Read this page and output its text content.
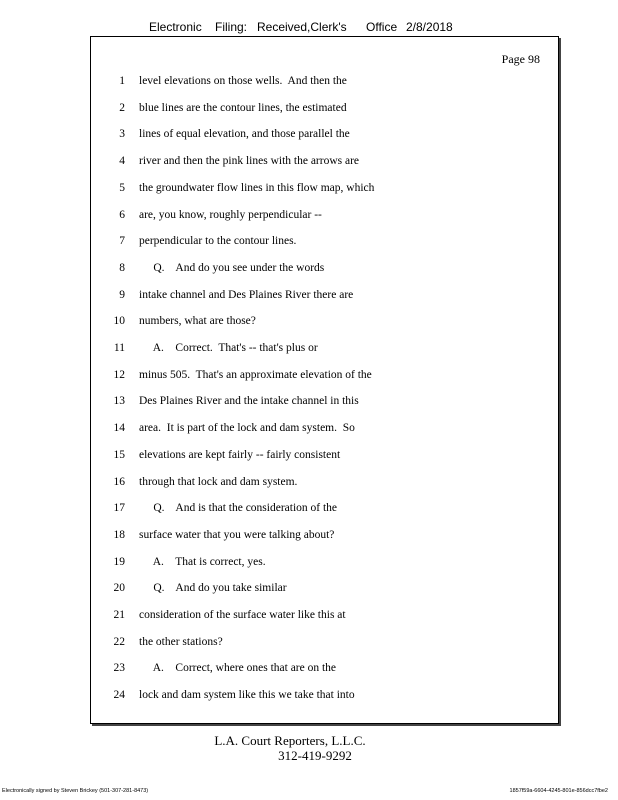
Electronic Filing: Received,Clerk's Office 2/8/2018
Page 98
1 level elevations on those wells.  And then the
2 blue lines are the contour lines, the estimated
3 lines of equal elevation, and those parallel the
4 river and then the pink lines with the arrows are
5 the groundwater flow lines in this flow map, which
6 are, you know, roughly perpendicular --
7 perpendicular to the contour lines.
8 Q.    And do you see under the words
9 intake channel and Des Plaines River there are
10 numbers, what are those?
11 A.    Correct.  That's -- that's plus or
12 minus 505.  That's an approximate elevation of the
13 Des Plaines River and the intake channel in this
14 area.  It is part of the lock and dam system.  So
15 elevations are kept fairly -- fairly consistent
16 through that lock and dam system.
17 Q.    And is that the consideration of the
18 surface water that you were talking about?
19 A.    That is correct, yes.
20 Q.    And do you take similar
21 consideration of the surface water like this at
22 the other stations?
23 A.    Correct, where ones that are on the
24 lock and dam system like this we take that into
L.A. Court Reporters, L.L.C.
312-419-9292
Electronically signed by Steven Brickey (501-307-281-8473)	1857f59a-6604-4245-801e-856dcc7fbe2
